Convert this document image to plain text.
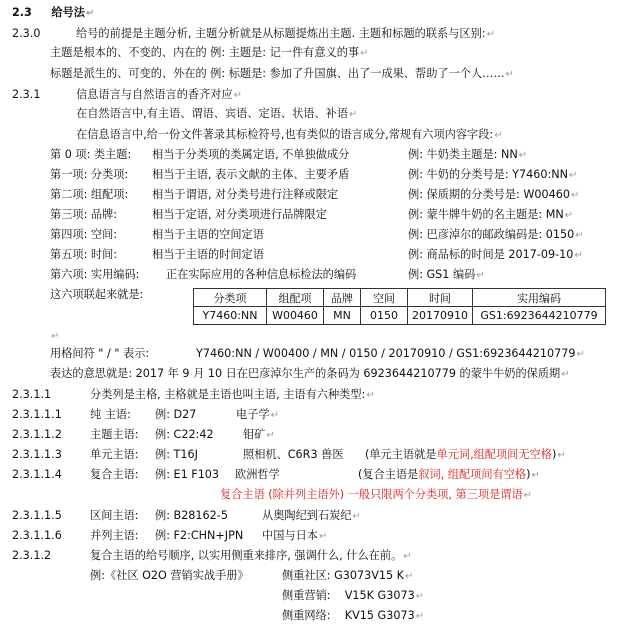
2.3 给号法↵
2.3.0	给号的前提是主题分析, 主题分析就是从标题提炼出主题. 主题和标题的联系与区别:↵
主题是根本的、不变的、内在的 例: 主题是: 记一件有意义的事↵
标题是派生的、可变的、外在的 例: 标题是: 参加了升国旗、出了一成果、帮助了一个人……↵
2.3.1	信息语言与自然语言的香齐对应↵
在自然语言中,有主语、谓语、宾语、定语、状语、补语↵
在信息语言中,给一份文件著录其标检符号,也有类似的语言成分,常规有六项内容字段:↵
第 0 项: 类主题: 相当于分类项的类属定语, 不单独做成分	例: 牛奶类主题是: NN↵
第一项: 分类项: 相当于主语, 表示文献的主体、主要矛盾	例: 牛奶的分类号是: Y7460:NN↵
第二项: 组配项: 相当于谓语, 对分类号进行注释或限定	例: 保质期的分类号是: W00460↵
第三项: 品牌:	相当于定语, 对分类项进行品牌限定	例: 蒙牛牌牛奶的名主题是: MN↵
第四项: 空间:	相当于主语的空间定语	例: 巴彦淖尔的邮政编码是: 0150↵
第五项: 时间:	相当于主语的时间定语	例: 商品标的时间是 2017-09-10↵
第六项: 实用编码: 正在实际应用的各种信息标检法的编码	例: GS1 编码↵
这六项联起来就是:	分类项	组配项	品牌	空间	时间	实用编码
Y7460:NN	W00460	MN	0150	20170910	GS1:6923644210779
↵
用格间符 " / " 表示:	Y7460:NN / W00400 / MN / 0150 / 20170910 / GS1:6923644210779↵
表达的意思就是: 2017 年 9 月 10 日在巴彦淖尔生产的条码为 6923644210779 的蒙牛牛奶的保质期↵
2.3.1.1	分类列是主格, 主格就是主语也叫主语, 主语有六种类型:↵
2.3.1.1.1	纯 主语: 例: D27	电子学↵
2.3.1.1.2	主题主语: 例: C22:42	钼矿↵
2.3.1.1.3	单元主语: 例: T16J	照相机、C6R3 兽医 (单元主语就是单元词,组配项间无空格)↵
2.3.1.1.4	复合主语: 例: E1 F103 欧洲哲学	(复合主语是叙词, 组配项间有空格)↵
复合主语 (除并列主语外) 一般只限两个分类项, 第三项是谓语↵
2.3.1.1.5	区间主语: 例: B28162-5	从奥陶纪到石炭纪↵
2.3.1.1.6	并列主语: 例: F2:CHN+JPN 中国与日本↵
2.3.1.2	复合主语的给号顺序, 以实用侧重来排序, 强调什么, 什么在前。↵
例:《社区 O2O 营销实战手册》	侧重社区: G3073V15 K↵
侧重营销: V15K G3073↵
侧重网络: KV15 G3073↵
